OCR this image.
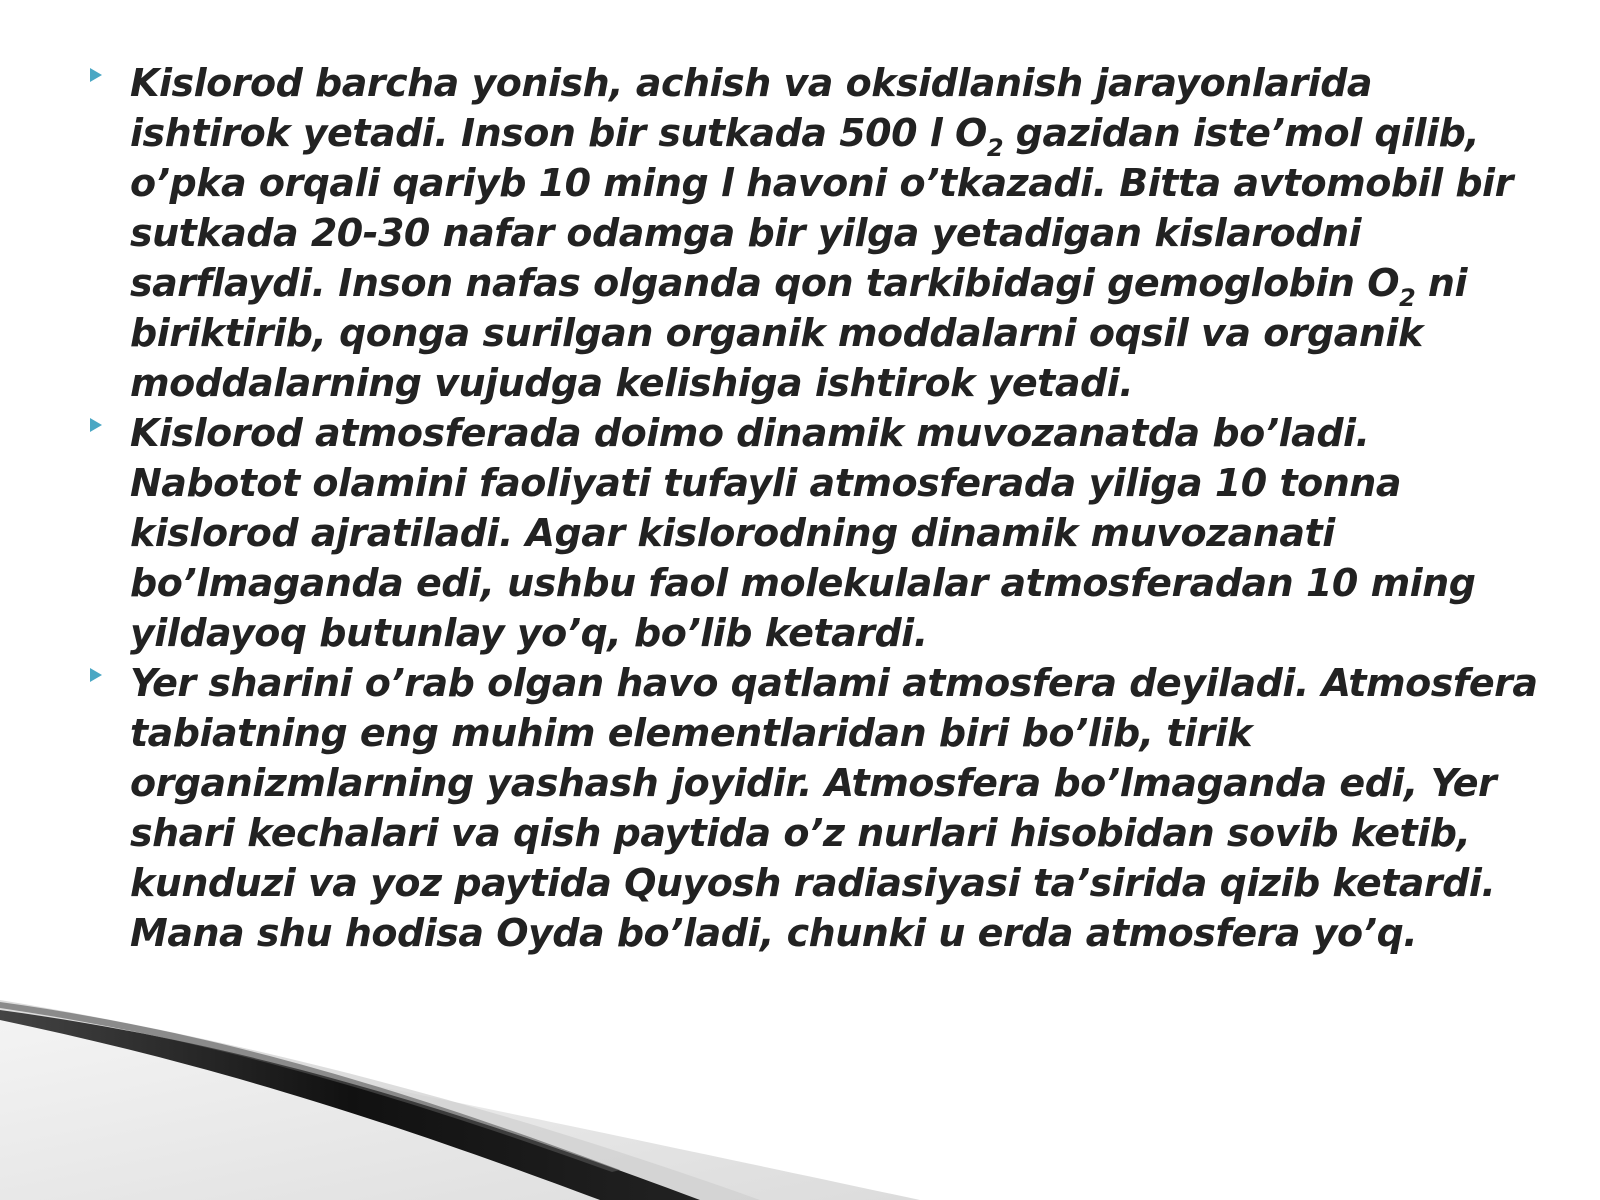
Kislorod barcha yonish, achish va oksidlanish jarayonlarida ishtirok yetadi. Inson bir sutkada 500 l $O_2$ gazidan iste’mol qilib, o’pka orqali qariyb 10 ming l havoni o’tkazadi. Bitta avtomobil bir sutkada 20-30 nafar odamga bir yilga yetadigan kislarodni sarflaydi. Inson nafas olganda qon tarkibidagi gemoglobin $O_2$ ni biriktirib, qonga surilgan organik moddalarni oqsil va organik moddalarning vujudga kelishiga ishtirok yetadi.

Kislorod atmosferada doimo dinamik muvozanatda bo’ladi. Nabotot olamini faoliyati tufayli atmosferada yiliga 10 tonna kislorod ajratiladi. Agar kislorodning dinamik muvozanati bo’lmaganda edi, ushbu faol molekulalar atmosferadan 10 ming yildayoq butunlay yo’q, bo’lib ketardi.

Yer sharini o’rab olgan havo qatlami atmosfera deyiladi. Atmosfera tabiatning eng muhim elementlaridan biri bo’lib, tirik organizmlarning yashash joyidir. Atmosfera bo’lmaganda edi, Yer shari kechalari va qish paytida o’z nurlari hisobidan sovib ketib, kunduzi va yoz paytida Quyosh radiasiyasi ta’sirida qizib ketardi. Mana shu hodisa Oyda bo’ladi, chunki u erda atmosfera yo’q.
